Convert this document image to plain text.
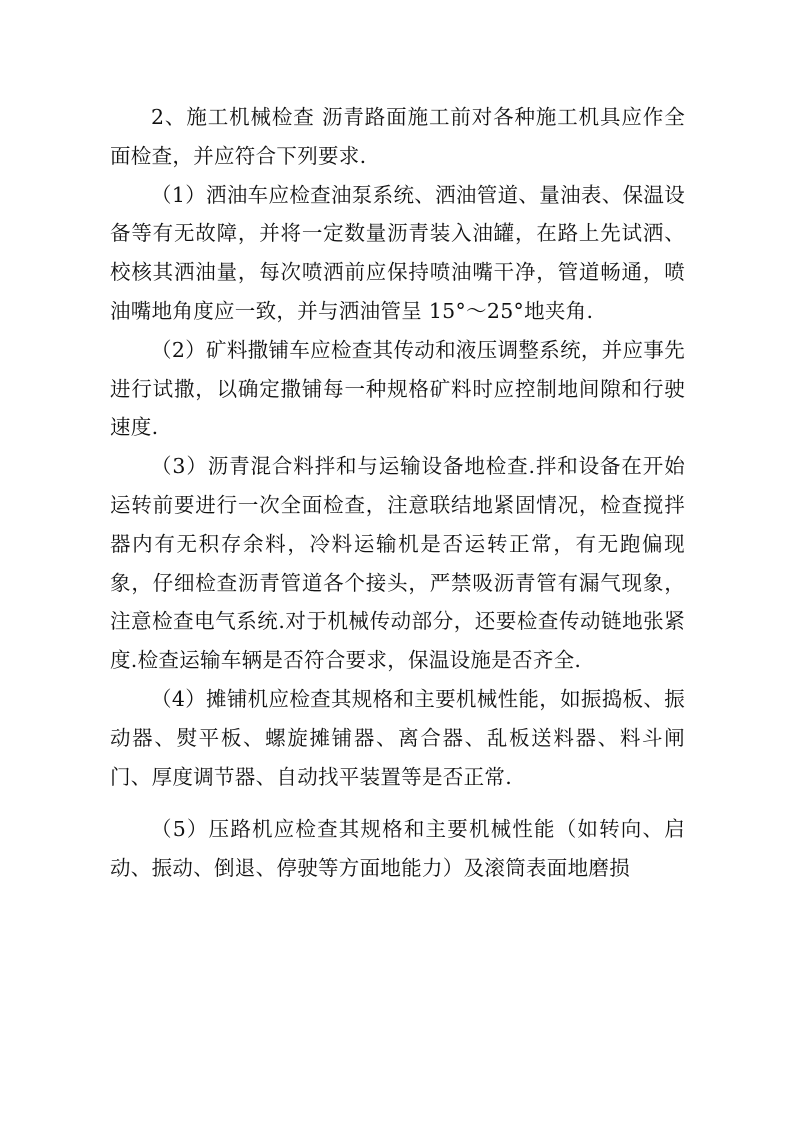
2、施工机械检查 沥青路面施工前对各种施工机具应作全面检查，并应符合下列要求.

（1）洒油车应检查油泵系统、洒油管道、量油表、保温设备等有无故障，并将一定数量沥青装入油罐，在路上先试洒、校核其洒油量，每次喷洒前应保持喷油嘴干净，管道畅通，喷油嘴地角度应一致，并与洒油管呈 15°～25°地夹角.

（2）矿料撒铺车应检查其传动和液压调整系统，并应事先进行试撒，以确定撒铺每一种规格矿料时应控制地间隙和行驶速度.

（3）沥青混合料拌和与运输设备地检查.拌和设备在开始运转前要进行一次全面检查，注意联结地紧固情况，检查搅拌器内有无积存余料，冷料运输机是否运转正常，有无跑偏现象，仔细检查沥青管道各个接头，严禁吸沥青管有漏气现象，注意检查电气系统.对于机械传动部分，还要检查传动链地张紧度.检查运输车辆是否符合要求，保温设施是否齐全.

（4）摊铺机应检查其规格和主要机械性能，如振捣板、振动器、熨平板、螺旋摊铺器、离合器、乱板送料器、料斗闸门、厚度调节器、自动找平装置等是否正常.

（5）压路机应检查其规格和主要机械性能（如转向、启动、振动、倒退、停驶等方面地能力）及滚筒表面地磨损
